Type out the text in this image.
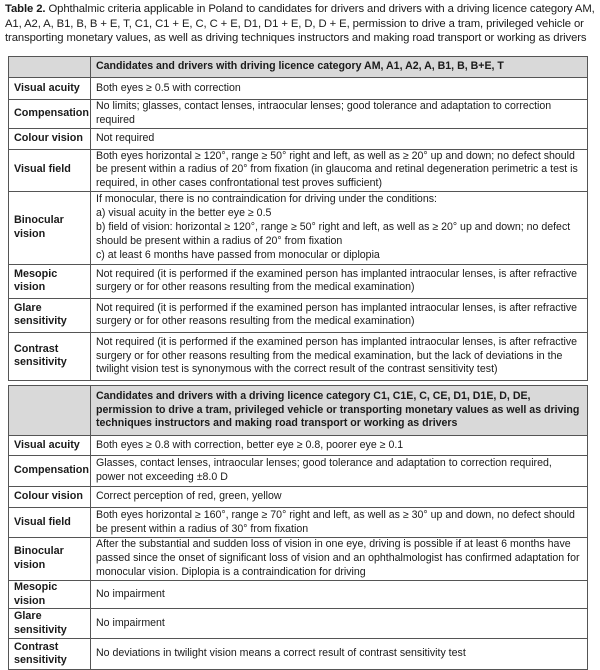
Table 2. Ophthalmic criteria applicable in Poland to candidates for drivers and drivers with a driving licence category AM, A1, A2, A, B1, B, B + E, T, C1, C1 + E, C, C + E, D1, D1 + E, D, D + E, permission to drive a tram, privileged vehicle or transporting monetary values, as well as driving techniques instructors and making road transport or working as drivers
	Candidates and drivers with driving licence category AM, A1, A2, A, B1, B, B+E, T
Visual acuity	Both eyes ≥ 0.5 with correction
Compensation	No limits; glasses, contact lenses, intraocular lenses; good tolerance and adaptation to correction required
Colour vision	Not required
Visual field	Both eyes horizontal ≥ 120°, range ≥ 50° right and left, as well as ≥ 20° up and down; no defect should be present within a radius of 20° from fixation (in glaucoma and retinal degeneration perimetric a test is required, in other cases confrontational test proves sufficient)
Binocular vision	If monocular, there is no contraindication for driving under the conditions:
a) visual acuity in the better eye ≥ 0.5
b) field of vision: horizontal ≥ 120°, range ≥ 50° right and left, as well as ≥ 20° up and down; no defect should be present within a radius of 20° from fixation
c) at least 6 months have passed from monocular or diplopia

Mesopic vision	Not required (it is performed if the examined person has implanted intraocular lenses, is after refractive surgery or for other reasons resulting from the medical examination)
Glare sensitivity	Not required (it is performed if the examined person has implanted intraocular lenses, is after refractive surgery or for other reasons resulting from the medical examination)
Contrast sensitivity	Not required (it is performed if the examined person has implanted intraocular lenses, is after refractive surgery or for other reasons resulting from the medical examination, but the lack of deviations in the twilight vision test is synonymous with the correct result of the contrast sensitivity test)
	Candidates and drivers with a driving licence category C1, C1E, C, CE, D1, D1E, D, DE, permission to drive a tram, privileged vehicle or transporting monetary values as well as driving techniques instructors and making road transport or working as drivers
Visual acuity	Both eyes ≥ 0.8 with correction, better eye ≥ 0.8, poorer eye ≥ 0.1
Compensation	Glasses, contact lenses, intraocular lenses; good tolerance and adaptation to correction required, power not exceeding ±8.0 D
Colour vision	Correct perception of red, green, yellow
Visual field	Both eyes horizontal ≥ 160°, range ≥ 70° right and left, as well as ≥ 30° up and down, no defect should be present within a radius of 30° from fixation
Binocular vision	After the substantial and sudden loss of vision in one eye, driving is possible if at least 6 months have passed since the onset of significant loss of vision and an ophthalmologist has confirmed adaptation for monocular vision. Diplopia is a contraindication for driving
Mesopic vision	No impairment
Glare sensitivity	No impairment
Contrast sensitivity	No deviations in twilight vision means a correct result of contrast sensitivity test
